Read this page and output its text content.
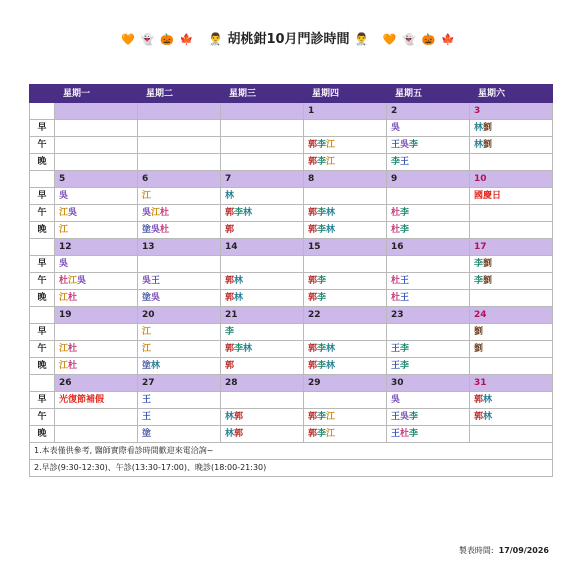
🧡 👻 🎃 🍁 👨‍⚕️ 胡桃鉗10月門診時間 👨‍⚕️ 🧡 👻 🎃 🍁
	星期一	星期二	星期三	星期四	星期五	星期六
				1	2	3
早					吳	林劉
午				郭李江	王吳李	林劉
晚				郭李江	李王	
	5	6	7	8	9	10
早	吳	江	林			國慶日
午	江吳	吳江杜	郭李林	郭李林	杜李	
晚	江	塗吳杜	郭	郭李林	杜李	
	12	13	14	15	16	17
早	吳					李劉
午	杜江吳	吳王	郭林	郭李	杜王	李劉
晚	江杜	塗吳	郭林	郭李	杜王	
	19	20	21	22	23	24
早		江	李			劉
午	江杜	江	郭李林	郭李林	王李	劉
晚	江杜	塗林	郭	郭李林	王李	
	26	27	28	29	30	31
早	光復節補假	王			吳	郭林
午		王	林郭	郭李江	王吳李	郭林
晚		塗	林郭	郭李江	王杜李	
1.本表僅供參考, 醫師實際看診時間歡迎來電洽詢~						
2.早診(9:30-12:30)、午診(13:30-17:00)、晚診(18:00-21:30)						
製表時間: 17/09/2026
